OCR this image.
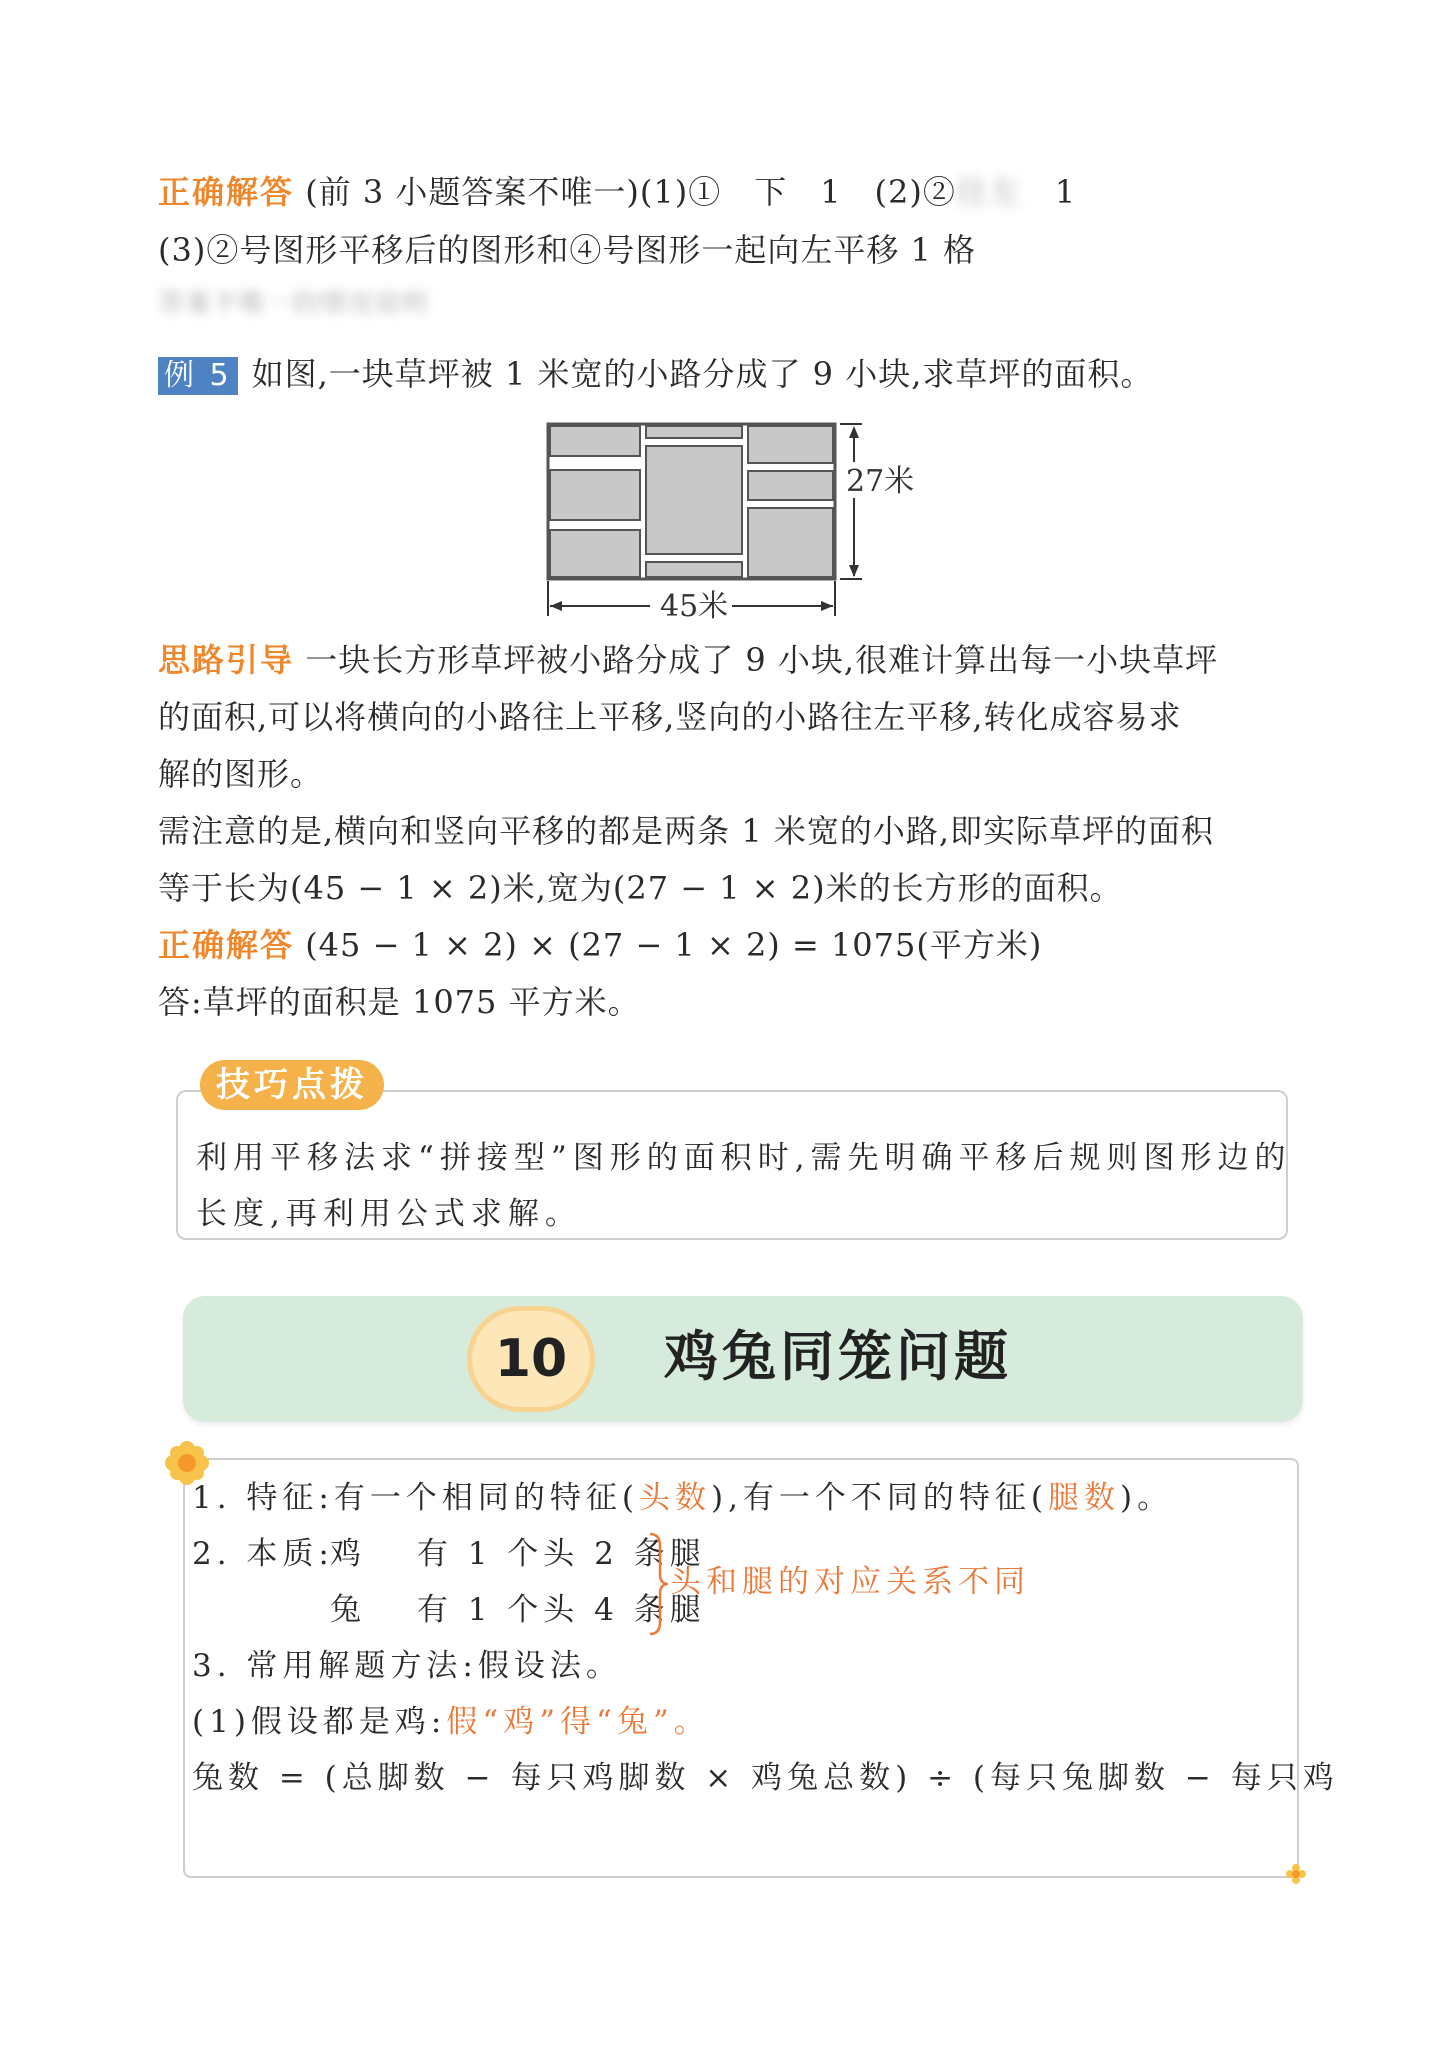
正确解答 (前 3 小题答案不唯一)(1)①　下　1　(2)②往左　1
(3)②号图形平移后的图形和④号图形一起向左平移 1 格
答案不唯一的情况说明
例 5 如图,一块草坪被 1 米宽的小路分成了 9 小块,求草坪的面积。
27米
45米
思路引导 一块长方形草坪被小路分成了 9 小块,很难计算出每一小块草坪
的面积,可以将横向的小路往上平移,竖向的小路往左平移,转化成容易求
解的图形。
需注意的是,横向和竖向平移的都是两条 1 米宽的小路,即实际草坪的面积
等于长为(45 − 1 × 2)米,宽为(27 − 1 × 2)米的长方形的面积。
正确解答 (45 − 1 × 2) × (27 − 1 × 2) = 1075(平方米)
答:草坪的面积是 1075 平方米。
技巧点拨
利用平移法求“拼接型”图形的面积时,需先明确平移后规则图形边的
长度,再利用公式求解。
10	鸡兔同笼问题
1. 特征:有一个相同的特征(头数),有一个不同的特征(腿数)。
2. 本质:
鸡　 有 1 个头 2 条腿
兔　 有 1 个头 4 条腿
头和腿的对应关系不同
3. 常用解题方法:假设法。
(1)假设都是鸡:假“鸡”得“兔”。
兔数 = (总脚数 − 每只鸡脚数 × 鸡兔总数) ÷ (每只兔脚数 − 每只鸡
